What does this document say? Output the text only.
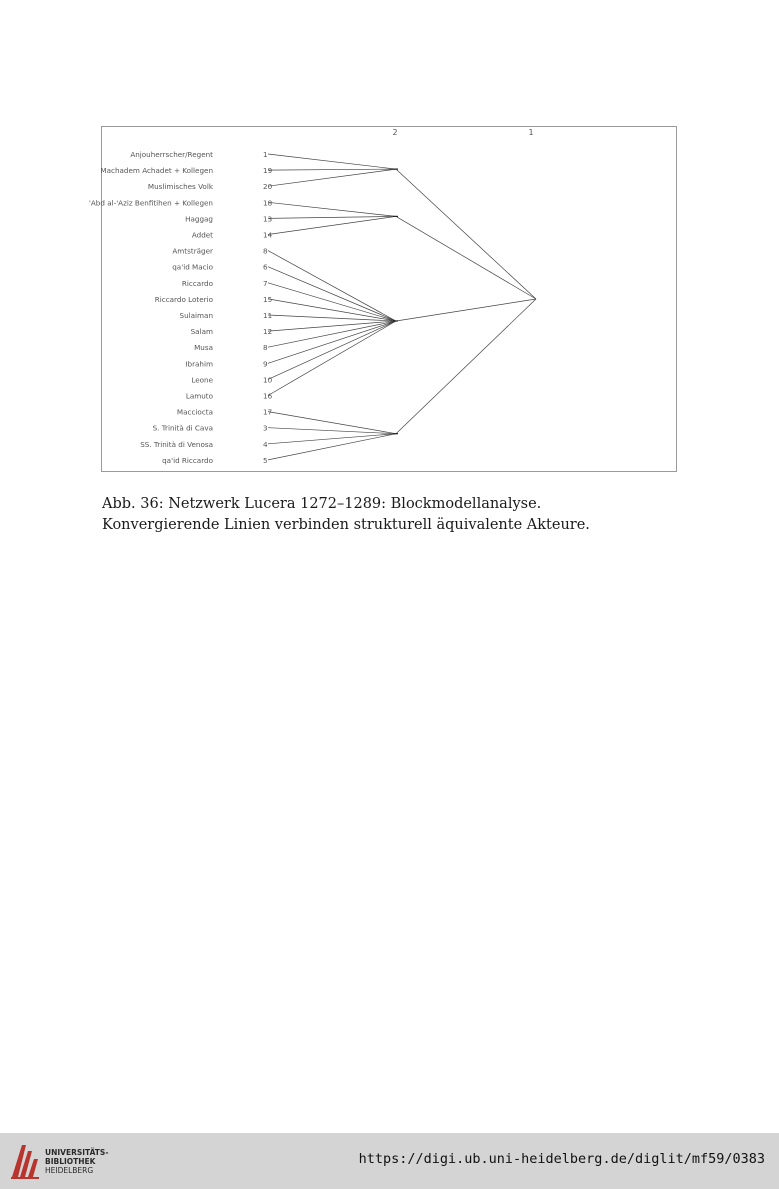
2	1
Anjouherrscher/Regent
Machadem Achadet + Kollegen
Muslimisches Volk
'Abd al-'Aziz Benfitihen + Kollegen
Haggag
Addet
Amtsträger
qa'id Macio
Riccardo
Riccardo Loterio
Sulaiman
Salam
Musa
Ibrahim
Leone
Lamuto
Macciocta
S. Trinità di Cava
SS. Trinità di Venosa
qa'id Riccardo
1
19
20
18
13
14
8
6
7
15
11
12
8
9
10
16
17
3
4
5
Abb. 36: Netzwerk Lucera 1272–1289: Blockmodellanalyse.
Konvergierende Linien verbinden strukturell äquivalente Akteure.
UNIVERSITÄTS-
BIBLIOTHEK
HEIDELBERG
https://digi.ub.uni-heidelberg.de/diglit/mf59/0383
